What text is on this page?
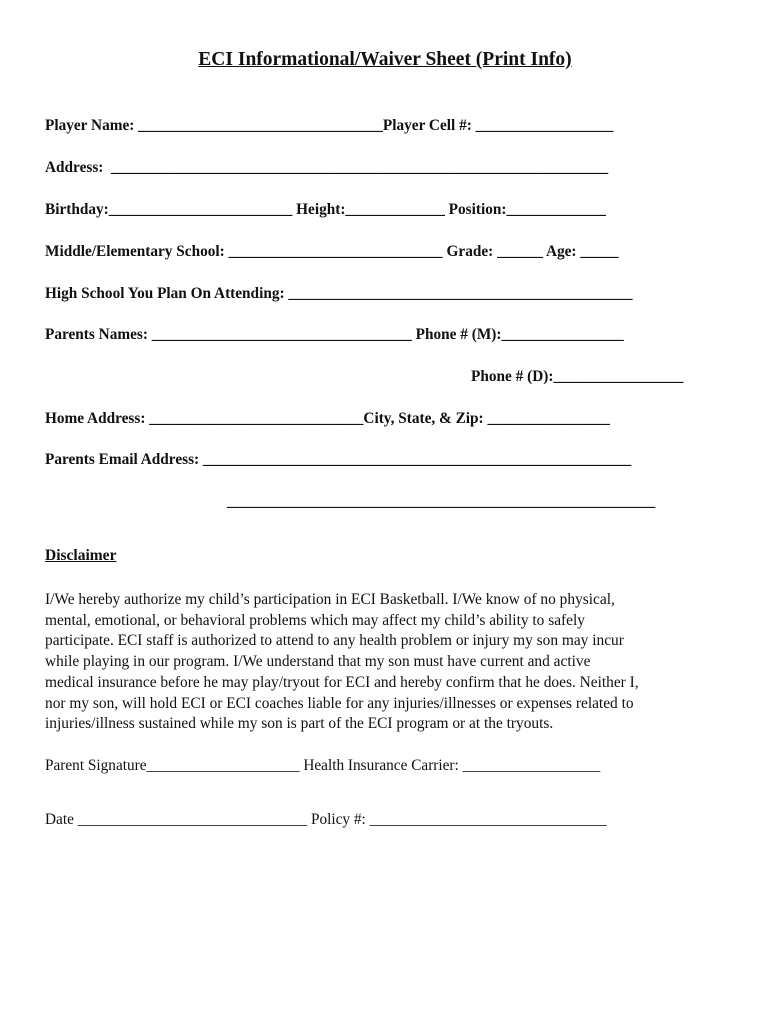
ECI Informational/Waiver Sheet (Print Info)
Player Name: ________________________________Player Cell #: __________________
Address:  _________________________________________________________________
Birthday:________________________ Height:_____________ Position:_____________
Middle/Elementary School: ____________________________ Grade: ______ Age: _____
High School You Plan On Attending: _____________________________________________
Parents Names: __________________________________ Phone # (M):________________
Phone # (D):_________________
Home Address: ____________________________City, State, & Zip: ________________
Parents Email Address: ________________________________________________________
________________________________________________________
Disclaimer
I/We hereby authorize my child’s participation in ECI Basketball. I/We know of no physical,
mental, emotional, or behavioral problems which may affect my child’s ability to safely
participate. ECI staff is authorized to attend to any health problem or injury my son may incur
while playing in our program. I/We understand that my son must have current and active
medical insurance before he may play/tryout for ECI and hereby confirm that he does. Neither I,
nor my son, will hold ECI or ECI coaches liable for any injuries/illnesses or expenses related to
injuries/illness sustained while my son is part of the ECI program or at the tryouts.
Parent Signature____________________ Health Insurance Carrier: __________________
Date ______________________________ Policy #: _______________________________
